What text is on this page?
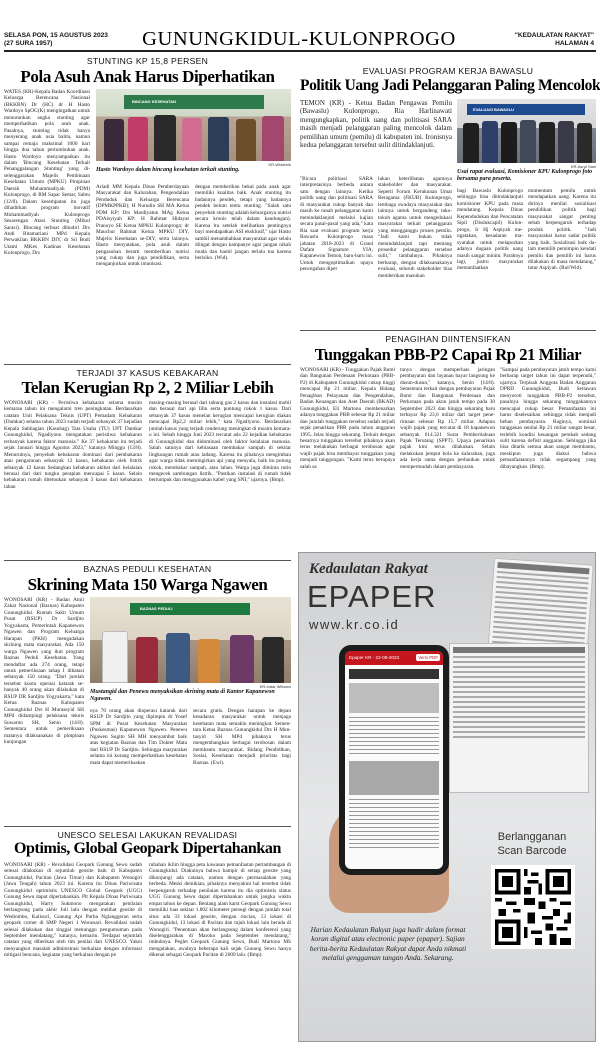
SELASA PON, 15 AGUSTUS 2023
(27 SURA 1957)	GUNUNGKIDUL-KULONPROGO	"KEDAULATAN RAKYAT"
HALAMAN 4
STUNTING KP 15,8 PERSEN
Pola Asuh Anak Harus Diperhatikan
WATES (KR)-Kepala Badan Koordinasi Keluarga Berencana Nasional (BKKBN) Dr (HC) dr H Hasto Wardoyo SpOG(K) mengingatkan untuk menurunkan angka stunting agar memperhatikan pola asuh anak. Pasalnya, stunting tidak hanya menyerang anak usia balita, namun sampai remaja maksimal 1000 hari hingga dua tahun pertumbuhan anak. Hasto Wardoyo menyampaikan itu dalam 'Bincang Kesehatan Terkait Penanggalangan Stunting' yang diselenggarakan Majelis Pembinaan Kesehatan Umum (MPKU) Pimpinan Daerah Muhammadiyah (PDM) Kulonprogo, di RM Sapar Semar, Sabtu (12/8). Dalam kesempatan itu juga dihadirkan program inovatif Muhammadiyah Kulonprogo Sesarengan Atasi Stunting (Mikul Sarasi). Bincang terbuat dihudiri Drs Andi Ritamariani MPd Kepala Perwakilan BKKBN DIY, dr Sri Budi Utami MKes Kadinas Kesehatan Kulonprogo, Drs
BINCANG KESEHATAN
KR-Widarsih
Hasto Wardoyo dalam bincang kesehatan terkait stunting.
Ariadi MM Kepala Dinas Pemberdayaan Masyarakat dan Kalurahan, Pengendalian Penduduk dan Keluarga Berencana (DPMKPPKB); H Nurudin SH MA Ketua PDM KP; Drs Mardiyatun MAg Ketua PDAisyiyah KP; H Rahmat Hidayat Pranoyo SE Ketua MPKU Kulonprogo; dr Mauchur Rahmat Ketua MPKU DIY, Majelis Kesehatan se-DIY, serta lainnya. Hasto menyatakan, pola asuh dalam pengasuhan berarti memberikan nutrisi yang cukup dan juga pendidikan, serta menganjurkan untuk imunisasi.
dengan memberikan bekal pada anak agar memiliki kualitas baik. Anak stunting itu badannya pendek, tetapi yang badannya pendek belum tentu stunting. "Salah satu penyebab stunting adalah keluarganya nutrisi secara kronis telah dalam kandungan). Karena itu setelah melihatkan pentingnya bayi mendapatkan ASI eksklusif," ujar Hasto sambil menambahkan masyarakat agar selalu diingat dengan kampanye agar jangan nikah muda dan hamil jangan terlalu tua karena berisiko. (Wid).
EVALUASI PROGRAM KERJA BAWASLU
Politik Uang Jadi Pelanggaran Paling Mencolok
TEMON (KR) - Ketua Badan Pengawas Pemilu (Bawaslu) Kulonprogo, Ria Harlinawati mengungkapkan, politik uang dan politisasi SARA masih menjadi pelanggaran paling mencolok dalam pemilihan umum (pemilu) di kabupaten ini. Ironisnya kedua pelanggaran tersebut sulit ditindaklanjuti.
EVALUASI BAWASLU
KR-Asrul Sani
Usai rapat evaluasi, Komisioner KPU Kulonprogo foto bersama para peserta.
"Bicara politisasi SARA interpretasinya berbeda antara satu dengan lainnya. Ketika politik uang dan politisasi SARA di masyarakat cukup banyak dan masih ke ranah pelanggaran kami menindaklanjuti melalui kajian secara pasal-pasal yang ada," kata Ria saat evaluasi program kerja Bawaslu Kulonprogo masa jabatan 2018-2023 di Grand Dafam Signature YIA, Kapanewon Temon, baru-baru ini. Untuk mengoptimalkan upaya pencegahan diper
lukan keterlibatan agamnya stakeholder dan masyarakat. Seperti Forum Kerukunan Umat Beragama (FKUB) Kulonprogo, lembaga swadaya masyarakat dan lainnya untuk bergandeng tako-tokoh agama untuk mengedukasi masyarakat terkait pelanggaran yang mengganggu proses pemilu. "Jadi kami bukan tidak menindaklanjuti tapi memang prosedur pelanggaran tersebut sulit," tambahnya. Pihaknya berharap, dengan dilaksanakanya evaluasi, seluruh stakeholder bisa memberikan masukan
bagi Bawaslu Kulonprogo sehingga bisa ditindaklanjuti komisioner KPU pada masa mendatang. Kepala Dinas Kependudukan dan Pencatatan Sipil (Disdukcapil) Kulonprogo, Ir Hj Aspiyah mengatakan, kesadaran masyarakat untuk melaporkan adanya dugaan politik uang masih sangat minim. Parahnya lagi, justru masyarakat memanfaatkan
momentum pemilu untuk mendapatkan uang. Karena itu dirinya menilai sosialisasi pendidikan politik bagi masyarakat sangat penting sebab berpengaruh terhadap produk politik. "Jadi masyarakat harus sadar politik yang baik. Sosialisasi baik dalam memilih pemimpin kendati pemilu dan pemilih ini harus dilakukan di masa mendatang," tutur Aspiyah. (Rul/Wid).
PENAGIHAN DIINTENSIFKAN
Tunggakan PBB-P2 Capai Rp 21 Miliar
WONOSARI (KR) - Tunggakan Pajak Bumi dan Bangunan Perdesaan Perkotaan (PBB-P2) di Kabupaten Gunungkidul cukup tinggi mencapai Rp 21 miliar. Kepala Bidang Penagihan Pelayanan dan Pengendalian, Badan Keuangan dan Aset Daerah (BKAD) Gunungkidul, Eli Martono membenarkan adanya tunggakan PBB sebesar Rp 21 miliar dan jumlah tunggakan tersebut sudah terjadi sejak penarikan PBB pada tahun anggaran 1995. Jelas hingga sekarang. Terkait dengan besarnya tunggakan tersebut pihaknya akan terus melakukan berbagai terobosan agar wajib pajak bisa membayar tunggakan yang menjadi tanggungan. "Kami terus berupaya salah sa
tunya dengan memperluas jaringan pembayaran dan layanan bayar langsung ke dusun-dusun," katanya, Senin (14/8). Sementara terkait dengan pembayaran Pajak Bumi dan Bangunan Perdesaan dan Perkotaan pada akun jatuh tempo pada 30 September 2023 dan hingga sekarang baru terbayar Rp 23,6 miliar dari target penerimaan sebesar Rp 15,7 miliar. Adapun wajib pajak yang tercatat di 18 kapanewon sebanyak 614.321 Surat Pemberitahuan Pajak Terutang (SPPT). Upaya penarikan pajak kini terus dilakukan. Selain melakukan jemput bola ke kalurahan, juga ada kerja sama dengan perbankan untuk mempermudah dalam pembayaran.
"Sampai pada pembayaran jatuh tempo kami berharap target tahun ini dapat terpenuhi," ujarnya. Terpisah Anggota Badan Anggaran DPRD Gunungkidul, Budi Setiawan menyoroti tunggakan PBB-P2 tersebut, pasalnya hingga sekarang tunggakannya mencapai cukup besar. Pemanfaatan ini harus diselesaikan sehingga tidak menjadi beban pembayaran. Baginya, nominal tunggakan senilai Rp 21 miliar sangat besar, terlebih kondisi keuangan pemkab sedang sulit karena defisit anggaran. Sehingga jika bisa ditarik semua akan sangat membantu, meskipun juga diakui bahwa pemanfaatannya tidak segampang yang dibayangkan. (Bmp).
TERJADI 37 KASUS KEBAKARAN
Telan Kerugian Rp 2, 2 Miliar Lebih
WONOSARI (KR) - Peristiwa kebakaran selama musim kemarau tahun ini mengalami tren peningkatan. Berdasarkan catatan Unit Pelaksana Teknis (UPT) Pemadam Kebakaran (Damkar) selama tahun 2023 sudah terjadi sebanyak 37 kejadian Kepala Subbagian (Kasubag) Tata Usaha (TU) UPT Damkar Gunungkidul, Ngadiyono mengatakan peristiwa kebakaran terbanyak karena faktor manusia." Ke 37 kebakaran itu terjadi sejak Januari hingga Agustus 2023," katanya Minggu (13/8). Menurutnya, penyebab kebakaran dominasi dari pembakaran atau pengarunan sebanyak 12 kasus, kebakaran oleh listrik sebanyak 12 kasus Sedangkan kebakaran akibat dari kelalaian berasal dari dari tungku perapian mencapai 5 kasus. Selain kebakaran rumah ditemukan sebanyak 3 kasus dari kebakaran lahan
masing-masing berasal dari tabung gas 2 kasus dan instalasi mobil dan berasal dari api lilin serta puntung rokok 1 kasus. Dari sebanyak 37 kasus menelan kerugian mencapai kerugian diakan mencapai Rp2,2 miliar lebih," kata Ngadiyono. Berdasarkan jumlah kasus yang terjadi cenderung meningkat di musim kemarau ini. Sebab hingga Juni 2023 tercatat ada 22 kejadian kebakaran di Gunungkidul dan didominasi oleh faktor kelalaian manusia. Salah satunya dari kebiasaan membakar sampah di sekitar lingkungan rumah atau ladang. Karena itu pihaknya mengimbau agar warga tidak memingirkan api yang menyala, baik itu putung rokok, membakar sampah, atau lahan. Warga juga diminta rutin mengecek sambungan listrik. "Pastikan instalasi di rumah tidak bertumpuk dan menggunakan kabel yang SNI," ujarnya. (Bmp).
BAZNAS PEDULI KESEHATAN
Skrining Mata 150 Warga Ngawen
WONOSARI (KR) - Badan Amil Zakat Nasional (Baznas) Kabupaten Gunungkidul. Rumah Sakit Umum Pusat (RSUP) Dr Sardjito Yogyakarta, Pemerintah Kapanewon Ngawen dan Program Keluarga Harapan (PKH) mengadakan skrining mata masyarakat. Ada 150 warga Ngawen yang ikut program Baznas Peduli Kesehatan. Yang mendaftar ada 274 orang, tetapi untuk pemeriksaan tahap I dibatasi sebanyak 150 orang. "Dari jumlah tersebut kuota operasi katarak sebanyak 40 orang akan dilakukan di RSUP DR Sardjito Yogyakarta," kata Ketua Baznas Kabupaten Gunungkidul Drs H Muntasyid SH MPd didampingi pelaksana teknis Suwarno SH, Senin (14/8). Sementara untuk pemeriksaan matanya dilaksanakan di pimpinan kunjungan
BAZNAS PEDULI
KR-Indar Wibowo
Mustangid dan Penewu menyaksikan skrining mata di Kantor Kapanewon Ngawen.
nya 70 orang akan dioperasi katarak dari RSUP Dr Sardjito yang dipimpin dr Yosef SPM di Pusat Kesehatan Masyarakat (Puskesmas) Kapanewon Ngawen. Penewu Ngawen Sugito SH MH menyambut baik atas kegiatan Baznas dan Tim Dokter Mata dari RSUP Dr Sardjito. Sehingga masyarakat selama ini kurang memperhatikan kesehatan mata dapat memeriksakan
secara gratis. Dengan harapan ke depan kesadaran masyarakat untuk menjaga kesehatan mata semakin meningkat. Sementara Ketua Baznas Gunungkidul Drs H Muntasyid SH MPd pihaknya terus mengembangkan berbagai terobosan dalam membantu masyarakat. Bidang Pendidikan, Sosial, Kesehatan menjadi prioritas bagi Baznas. (Ewi).
UNESCO SELESAI LAKUKAN REVALIDASI
Optimis, Global Geopark Dipertahankan
WONOSARI (KR) - Revalidasi Geopark Gunung Sewu sudah selesai dilakukan di sejumlah geosite baik di Kabupaten Gunungkidul, Pacitan (Jawa Timur) dan Kabupaten Wonogiri (Jawa Tengah) tahun 2023 ini. Karena itu Dinas Pariwisata Gunungkidul optimistis UNESCO Global Geopark (UGG) Gunung Sewu dapat dipertahankan. Plt Kepala Dinas Pariwisata Gunungkidul, Harry Sukmono mengatakan penilaian berlangsung pada akhir Juli lalu dengan melihat geosite di Wediombo, Kalisuci, Gunung Api Purba Nglanggeran serta geopark corner di SMP Negeri 1 Wonosari. Revalidasi sudah selesai dilakukan dan tinggal menunggu pengumuman pada September mendatang," katanya, kemarin. Terdapat sejumlah catatan yang diberikan oleh tim penilai dari UNESCO. Yakni menyangkut masalah administrasi berkaitan dengan informasi mitigasi bencana, kegiatan yang berkaitan dengan pe
rubahan iklim hingga peta kawasan pemanfaatan pertambangan di Gunungkidul. Diakuinya bahwa hampir di setiap geosite yang dikunjungi ada catatan, namun dengan permasalahan yang berbeda. Meski demikian, pihaknya menyakini hal tersebut tidak berpengaruh terhadap penilaian karena itu dia optimistis status UGG Gunung Sewu dapat dipertahankan untuk jangka waktu empat tahun ke depan. Bentang alam karst Geopark Gunung Sewu memiliki luas sekitar 1.802 kilometer persegi dengan jumlah total situs ada 33 lokasi geosite, dengan rincian, 13 lokasi di Gunungkidul, 13 lokasi di Pacitan dan tujuh lokasi lain berada di Wonogiri. "Penentuan akan berlangsung dalam konferensi yang diselenggarakan di Maroko pada September mendatang," imbuhnya. Peglet Geopark Gunung Sewu, Budi Martono MS mengatakan, awalnya beberapa kali sejak Gunung Sewu hanya dikenal sebagai Geopark Pacitan di 2009 lalu. (Bmp).
Kedaulatan Rakyat
EPAPER
www.kr.co.id
Epaper KR - 22-09-2023	Versi PDF
Berlangganan
Scan Barcode
Harian Kedaulatan Rakyat juga hadir dalam format koran digital atau electronic paper (epaper). Sajian berita-berita Kedaulatan Rakyat dapat Anda nikmati melalui genggaman tangan Anda. Sekarang.
